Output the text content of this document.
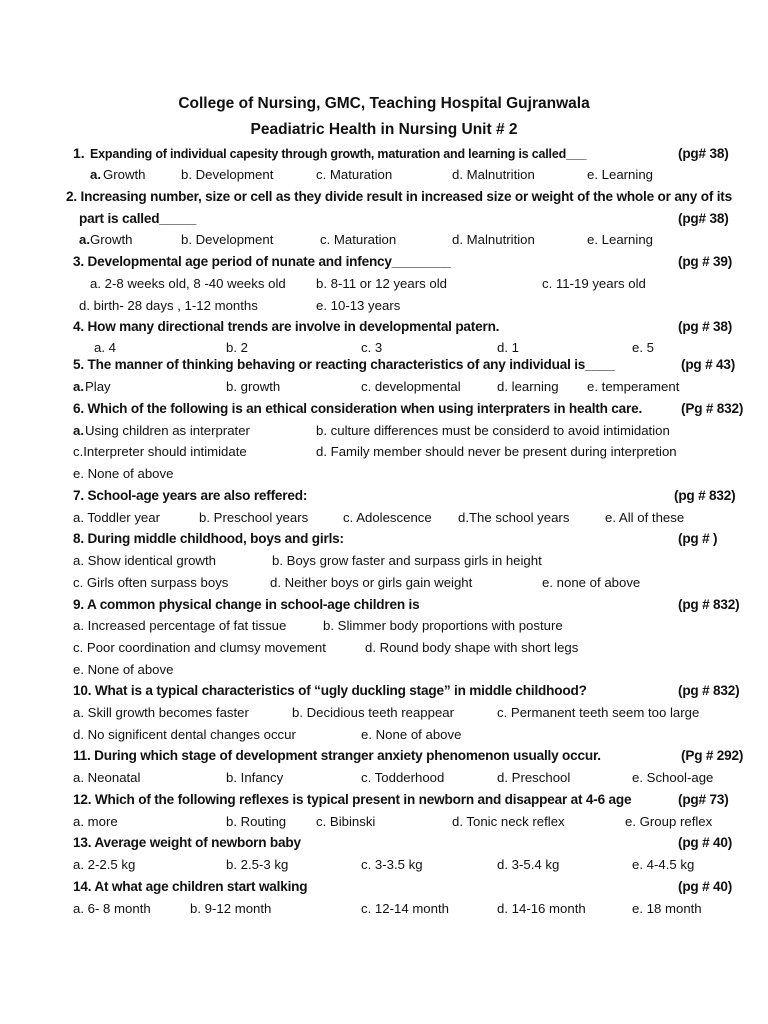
College of Nursing, GMC, Teaching Hospital Gujranwala
Peadiatric Health in Nursing Unit # 2
1. Expanding of individual capesity through growth, maturation and learning is called___	(pg# 38)
a. Growth	b. Development	c. Maturation	d. Malnutrition	e. Learning
2. Increasing number, size or cell as they divide result in increased size or weight of the whole or any of its
part is called_____	(pg# 38)
a. Growth	b. Development	c. Maturation	d. Malnutrition	e. Learning
3. Developmental age period of nunate and infency________	(pg # 39)
a. 2-8 weeks old, 8 -40 weeks old b. 8-11 or 12 years old	c. 11-19 years old
d. birth- 28 days , 1-12 months	e. 10-13 years
4. How many directional trends are involve in developmental patern.	(pg # 38)
a. 4	b. 2	c. 3	d. 1	e. 5
5. The manner of thinking behaving or reacting characteristics of any individual is____	(pg # 43)
a. Play	b. growth	c. developmental	d. learning e. temperament
6. Which of the following is an ethical consideration when using interpraters in health care.	(Pg # 832)
a. Using children as interprater	b. culture differences must be considerd to avoid intimidation
c.Interpreter should intimidate	d. Family member should never be present during interpretion
e. None of above
7. School-age years are also reffered:	(pg # 832)
a. Toddler year	b. Preschool years	c. Adolescence d.The school years	e. All of these
8. During middle childhood, boys and girls:	(pg # )
a. Show identical growth	b. Boys grow faster and surpass girls in height
c. Girls often surpass boys	d. Neither boys or girls gain weight	e. none of above
9. A common physical change in school-age children is	(pg # 832)
a. Increased percentage of fat tissue	b. Slimmer body proportions with posture
c. Poor coordination and clumsy movement	d. Round body shape with short legs
e. None of above
10. What is a typical characteristics of “ugly duckling stage” in middle childhood?	(pg # 832)
a. Skill growth becomes faster	b. Decidious teeth reappear	c. Permanent teeth seem too large
d. No significent dental changes occur	e. None of above
11. During which stage of development stranger anxiety phenomenon usually occur.	(Pg # 292)
a. Neonatal	b. Infancy	c. Todderhood	d. Preschool	e. School-age
12. Which of the following reflexes is typical present in newborn and disappear at 4-6 age	(pg# 73)
a. more	b. Routing c. Bibinski	d. Tonic neck reflex	e. Group reflex
13. Average weight of newborn baby	(pg # 40)
a. 2-2.5 kg	b. 2.5-3 kg	c. 3-3.5 kg	d. 3-5.4 kg	e. 4-4.5 kg
14. At what age children start walking	(pg # 40)
a. 6- 8 month	b. 9-12 month	c. 12-14 month	d. 14-16 month	e. 18 month
